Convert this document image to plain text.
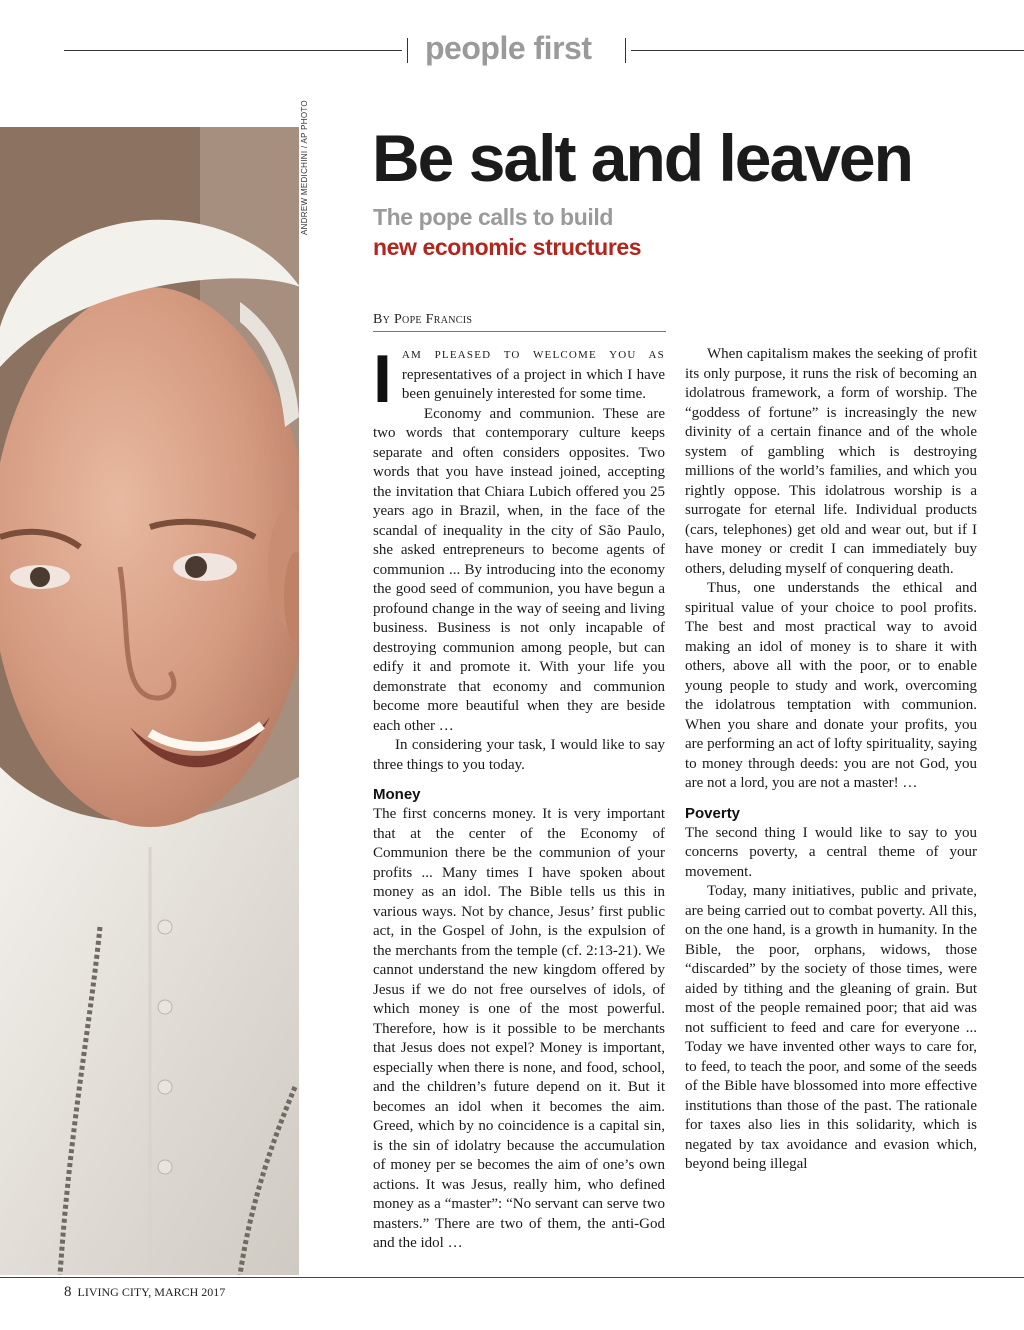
people first
ANDREW MEDICHINI / AP PHOTO Be salt and leaven
The pope calls to build
new economic structures
By Pope Francis

IAM PLEASED TO WELCOME YOU AS representatives of a project in which I have been genuinely interested for some time.

Economy and communion. These are two words that contemporary culture keeps separate and often considers opposites. Two words that you have instead joined, accepting the invitation that Chiara Lubich offered you 25 years ago in Brazil, when, in the face of the scandal of inequality in the city of São Paulo, she asked entrepreneurs to become agents of communion ... By introducing into the economy the good seed of communion, you have begun a profound change in the way of seeing and living business. Business is not only incapable of destroying communion among people, but can edify it and promote it. With your life you demonstrate that economy and communion become more beautiful when they are beside each other …

In considering your task, I would like to say three things to you today.

Money

The first concerns money. It is very important that at the center of the Economy of Communion there be the communion of your profits ... Many times I have spoken about money as an idol. The Bible tells us this in various ways. Not by chance, Jesus’ first public act, in the Gospel of John, is the expulsion of the merchants from the temple (cf. 2:13-21). We cannot understand the new kingdom offered by Jesus if we do not free ourselves of idols, of which money is one of the most powerful. Therefore, how is it possible to be merchants that Jesus does not expel? Money is important, especially when there is none, and food, school, and the children’s future depend on it. But it becomes an idol when it becomes the aim. Greed, which by no coincidence is a capital sin, is the sin of idolatry because the accumulation of money per se becomes the aim of one’s own actions. It was Jesus, really him, who defined money as a “master”: “No servant can serve two masters.” There are two of them, the anti-God and the idol …

When capitalism makes the seeking of profit its only purpose, it runs the risk of becoming an idolatrous framework, a form of worship. The “goddess of fortune” is increasingly the new divinity of a certain finance and of the whole system of gambling which is destroying millions of the world’s families, and which you rightly oppose. This idolatrous worship is a surrogate for eternal life. Individual products (cars, telephones) get old and wear out, but if I have money or credit I can immediately buy others, deluding myself of conquering death.

Thus, one understands the ethical and spiritual value of your choice to pool profits. The best and most practical way to avoid making an idol of money is to share it with others, above all with the poor, or to enable young people to study and work, overcoming the idolatrous temptation with communion. When you share and donate your profits, you are performing an act of lofty spirituality, saying to money through deeds: you are not God, you are not a lord, you are not a master! …

Poverty

The second thing I would like to say to you concerns poverty, a central theme of your movement.

Today, many initiatives, public and private, are being carried out to combat poverty. All this, on the one hand, is a growth in humanity. In the Bible, the poor, orphans, widows, those “discarded” by the society of those times, were aided by tithing and the gleaning of grain. But most of the people remained poor; that aid was not sufficient to feed and care for everyone ... Today we have invented other ways to care for, to feed, to teach the poor, and some of the seeds of the Bible have blossomed into more effective institutions than those of the past. The rationale for taxes also lies in this solidarity, which is negated by tax avoidance and evasion which, beyond being illegal

8 LIVING CITY, MARCH 2017
